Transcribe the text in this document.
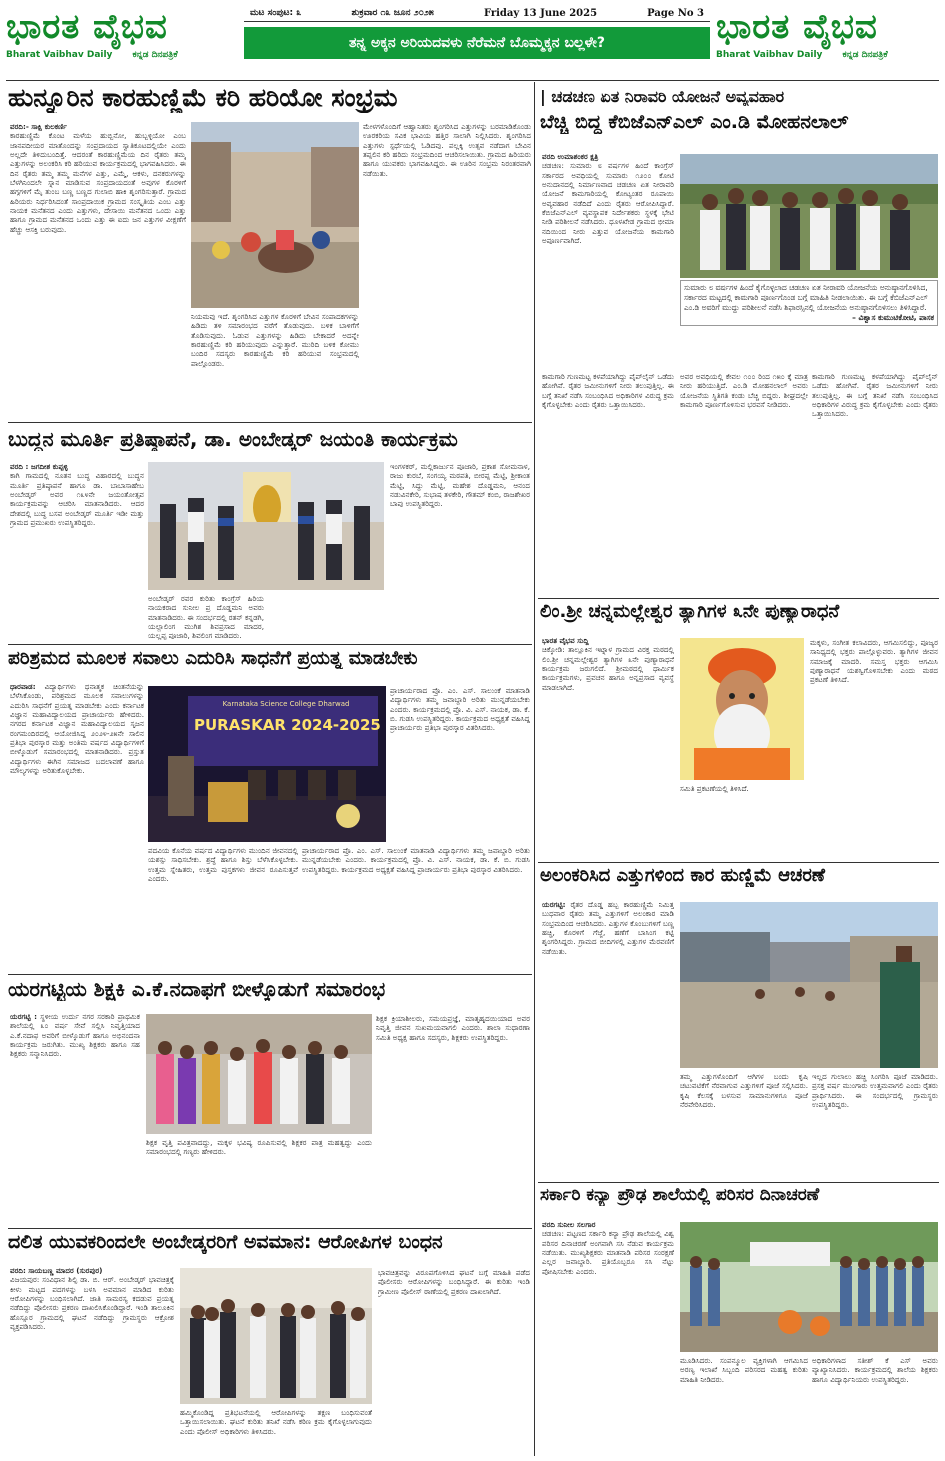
ಭಾರತ ವೈಭವ
Bharat Vaibhav Daily ಕನ್ನಡ ದಿನಪತ್ರಿಕೆ
ಮಟ ಸಂಪುಟ: ೩	ಶುಕ್ರವಾರ ೧೩ ಜೂನ ೨೦೨೫	Friday 13 June 2025	Page No 3
ತನ್ನ ಅಕ್ಕನ ಅರಿಯದವಳು ನೆರೆಮನೆ ಬೊಮ್ಮಕ್ಕನ ಬಲ್ಲಳೇ?	ಭಾರತ ವೈಭವ
Bharat Vaibhav Daily ಕನ್ನಡ ದಿನಪತ್ರಿಕೆ
ಹುನ್ನೂರಿನ ಕಾರಹುಣ್ಣಿಮೆ ಕರಿ ಹರಿಯೋ ಸಂಭ್ರಮ
ವರದಿ:- ಸಾಕ್ಷಿ ಕುಲಕರ್ಣಿ
ಕಾರಹುಣ್ಣಿಮೆ ಕೊಂಟ ಮಳೆಯ ಹುಬ್ಬಿನೋ, ಹುಬ್ಬಳ್ಳಿಯೋ ಎಂಬ ಜಾನಪದೀಯರ ಮಾತೊಂದನ್ನು ಸಂಪ್ರದಾಯದ ಸ್ವಾತಿಕೂಟದಲ್ಲಿಯೇ ಎಂದು ಅಲ್ಲದೇ ತಿಳಿದುಬಂದಿತ್ತೆ. ಆದರಂತೆ ಕಾರಹುಣ್ಣಿಮೆಯ ದಿನ ರೈತರು ತಮ್ಮ ಎತ್ತುಗಳನ್ನು ಅಲಂಕರಿಸಿ ಕರಿ ಹರಿಯುವ ಕಾರ್ಯಕ್ರಮದಲ್ಲಿ ಭಾಗವಹಿಸಿದರು. ಈ ದಿನ ರೈತರು ತಮ್ಮ ತಮ್ಮ ಮನೆಗಳ ಎತ್ತು, ಎಮ್ಮೆ, ಆಕಳು, ದನಕರುಗಳನ್ನು ಬೆಳಗಿನಿಂದಲೇ ಸ್ನಾನ ಮಾಡಿಸುವ ಸಂಪ್ರದಾಯದಂತೆ ಅವುಗಳ ಕೊರಳಿಗೆ ಹಗ್ಗಗಳಿಗೆ ಮೈ ತುಂಬ ಬಣ್ಣ ಬಣ್ಣದ ಗುಲಾಬಿ ಹಾಕಿ ಶೃಂಗರಿಸುತ್ತಾರೆ. ಗ್ರಾಮದ ಹಿರಿಯರು ನಿರ್ಧರಿಸಿದಂತೆ ಸಾಂಪ್ರದಾಯಿಕ ಗ್ರಾಮದ ಸಂಸ್ಕೃತಿಯ ಎಂಬ ಎತ್ತು ನಾಯಕ ಮನೆತನದ ಎಂದು ಎತ್ತುಗಳು, ದೇಸಾಯಿ ಮನೆತನದ ಒಂದು ಎತ್ತು ಹಾಗೂ ಗ್ರಾಮದ ಮನೆತನದ ಒಂದು ಎತ್ತು ಈ ಐದು ಜನ ಎತ್ತುಗಳ ವೀಕ್ಷಣೆಗೆ ಹೆಚ್ಚು ಆಸಕ್ತಿ ಬರುವುದು.
ನಿಯಮವು ಇದೆ. ಶೃಂಗರಿಸಿದ ಎತ್ತುಗಳ ಕೊರಳಿಗೆ ಬೇವಿನ ಸಂಪಾದಕಗಳನ್ನು ಹಿಡಿದು ತಳಿ ಸಮಾರಂಭದ ವರೆಗೆ ತೊಡುವುದು. ಬಳಿಕ ಬಾಳಿಗೆಗೆ ತೊಡಿಸುವುದು. ಓಡುವ ಎತ್ತುಗಳನ್ನು ಹಿಡಿದು ಬೇಕಾದರೆ ಅದನ್ನೇ ಕಾರಹುಣ್ಣಿಮೆ ಕರಿ ಹರಿಯುವುದು ಎನ್ನುತ್ತಾರೆ. ಮುರಿದಿ ಬಳಿಕ ಕೋಮು ಬಂದಿರ ಸದಸ್ಯರು ಕಾರಹುಣ್ಣಿಮೆ ಕರಿ ಹರಿಯುವ ಸಂಭ್ರಮದಲ್ಲಿ ಪಾಲ್ಗೊಂಡರು.
ಮೇಳಗಳೊಂದಿಗೆ ಆಹ್ವಾನಿತರು ಶೃಂಗರಿಸಿದ ಎತ್ತುಗಳನ್ನು ಬರಮಾಡಿಕೊಂಡು ಊರಕರಿಯ ಸವಿಕ ಭಾವಿಯ ಹತ್ತಿರ ಸಾಲಾಗಿ ನಿಲ್ಲಿಸಿದರು. ಶೃಂಗರಿಸಿದ ಎತ್ತುಗಳು ಸ್ಪರ್ಧೆಯಲ್ಲಿ ಓಡಿದವು. ಪಲ್ಲಕ್ಕಿ ಉತ್ಸವ ನಡೆದಾಗ ಬೇವಿನ ತಪ್ಪಲಿನ ಕರಿ ಹರಿದು ಸಂಭ್ರಮದಿಂದ ಆಚರಿಸಲಾಯಿತು. ಗ್ರಾಮದ ಹಿರಿಯರು ಹಾಗೂ ಯುವಕರು ಭಾಗವಹಿಸಿದ್ದರು. ಈ ಊರಿನ ಸಂಭ್ರಮ ನಿರಂತರವಾಗಿ ನಡೆಯಿತು.
ಬುದ್ಧನ ಮೂರ್ತಿ ಪ್ರತಿಷ್ಠಾಪನೆ, ಡಾ. ಅಂಬೇಡ್ಕರ್ ಜಯಂತಿ ಕಾರ್ಯಕ್ರಮ
ವರದಿ : ಜಗದೀಶ ಕುಪ್ಪಳ್ಳಿ
ಕಾಗಿ ಗಾಮದಲ್ಲಿ ನೂತನ ಬುದ್ಧ ವಿಹಾರದಲ್ಲಿ ಬುದ್ಧನ ಮೂರ್ತಿ ಪ್ರತಿಷ್ಠಾಪನೆ ಹಾಗೂ ಡಾ. ಬಾಬಾಸಾಹೇಬ ಅಂಬೇಡ್ಕರ್ ಅವರ ೧೩೪ನೇ ಜಯಂತೋತ್ಸವ ಕಾರ್ಯಕ್ರಮವನ್ನು ಆಚರಿಸಿ ಮಾತನಾಡಿದರು. ಆದರ ದೇಶದಲ್ಲಿ ಬುದ್ಧ ಬಸವ ಅಂಬೇಡ್ಕರ್ ಮೂರ್ತಿ ಇಡೀ ಮತ್ತು ಗ್ರಾಮದ ಪ್ರಮುಖರು ಉಪಸ್ಥಿತರಿದ್ದರು.
ಅಂಬೇಡ್ಕರ್ ರವರ ಕುರಿತು ಕಾಂಗ್ರೆಸ್ ಹಿರಿಯ ನಾಯಕರಾದ ಸುನೀಲ ಪ್ರ ದೊಡ್ಡಮನಿ ಅವರು ಮಾತನಾಡಿದರು. ಈ ಸಂದರ್ಭದಲ್ಲಿ ರತನ್ ಕನ್ನಡಗಿ, ಯಲ್ಲಾಲಿಂಗ ಮುಗಿಶ ಶಿವಪ್ರಸಾದ ಮಾದರ, ಯಲ್ಲಪ್ಪ ಪೂಜಾರಿ, ಶಿವಲಿಂಗ ಮಾಡಿದರು.
ಇಂಗಳಕರ್, ಮಲ್ಲಿಕಾರ್ಜುನ ಪೂಜಾರಿ, ಪ್ರಕಾಶ ಸೋಮನಾಳ, ರಾಜು ಕುರಬೆ, ಸಂಗಯ್ಯ ಮಠಪತಿ, ಬೀರಪ್ಪ ಮೆಟ್ಟಿ, ಶ್ರೀಕಾಂತ ಮೆಟ್ಟಿ, ಸಿದ್ದು ಮೆಟ್ಟಿ, ಮಹೇಶ ದೊಡ್ಡಮನಿ, ಆನಂದ ನಡುವಿನಕೇರಿ, ಸುಭಾಷ ತಳಕೇರಿ, ಗೌತಮ್ ಕಂಬಿ, ರಾಜಶೇಖರ ಬಾಪು ಉಪಸ್ಥಿತರಿದ್ದರು.
ಪರಿಶ್ರಮದ ಮೂಲಕ ಸವಾಲು ಎದುರಿಸಿ ಸಾಧನೆಗೆ ಪ್ರಯತ್ನ ಮಾಡಬೇಕು
ಧಾರವಾಡ: ವಿದ್ಯಾರ್ಥಿಗಳು ಧನಾತ್ಮಕ ಚಿಂತನೆಯನ್ನು ಬೆಳೆಸಿಕೊಂಡು, ಪರಿಶ್ರಮದ ಮೂಲಕ ಸವಾಲುಗಳನ್ನು ಎದುರಿಸಿ ಸಾಧನೆಗೆ ಪ್ರಯತ್ನ ಮಾಡಬೇಕು ಎಂದು ಕರ್ನಾಟಕ ವಿಜ್ಞಾನ ಮಹಾವಿದ್ಯಾಲಯದ ಪ್ರಾಚಾರ್ಯರು ಹೇಳಿದರು. ನಗರದ ಕರ್ನಾಟಕ ವಿಜ್ಞಾನ ಮಹಾವಿದ್ಯಾಲಯದ ಸೃಜನ ರಂಗಮಂದಿರದಲ್ಲಿ ಆಯೋಜಿಸಿದ್ದ ೨೦೨೪-೨೫ನೇ ಸಾಲಿನ ಪ್ರತಿಭಾ ಪುರಸ್ಕಾರ ಮತ್ತು ಅಂತಿಮ ವರ್ಷದ ವಿದ್ಯಾರ್ಥಿಗಳಿಗೆ ಬೀಳ್ಕೊಡುಗೆ ಸಮಾರಂಭದಲ್ಲಿ ಮಾತನಾಡಿದರು. ಪ್ರಸ್ತುತ ವಿದ್ಯಾರ್ಥಿಗಳು ಈಗಿನ ಸಮಾಜದ ಬದಲಾವಣೆ ಹಾಗೂ ಮೌಲ್ಯಗಳನ್ನು ಅರಿತುಕೊಳ್ಳಬೇಕು.
Karnataka Science College Dharwad
PURASKAR 2024-2025
ಪದವಿಯ ಕೊನೆಯ ವರ್ಷದ ವಿದ್ಯಾರ್ಥಿಗಳು ಮುಂದಿನ ಜೀವನದಲ್ಲಿ ಯಶಸ್ಸು ಸಾಧಿಸಬೇಕು. ಶ್ರದ್ಧೆ ಹಾಗೂ ಶಿಸ್ತು ಬೆಳೆಸಿಕೊಳ್ಳಬೇಕು. ಉತ್ತಮ ಸ್ನೇಹಿತರು, ಉತ್ತಮ ಪುಸ್ತಕಗಳು ಜೀವನ ರೂಪಿಸುತ್ತವೆ ಎಂದರು.
ಪ್ರಾಚಾರ್ಯರಾದ ಪ್ರೊ. ಎಂ. ಎಸ್. ಸಾಲುಂಕೆ ಮಾತನಾಡಿ ವಿದ್ಯಾರ್ಥಿಗಳು ತಮ್ಮ ಜವಾಬ್ದಾರಿ ಅರಿತು ಮುನ್ನಡೆಯಬೇಕು ಎಂದರು. ಕಾರ್ಯಕ್ರಮದಲ್ಲಿ ಪ್ರೊ. ವಿ. ಎಸ್. ನಾಯಕ, ಡಾ. ಕೆ. ಬಿ. ಗುಡಸಿ ಉಪಸ್ಥಿತರಿದ್ದರು. ಕಾರ್ಯಕ್ರಮದ ಅಧ್ಯಕ್ಷತೆ ವಹಿಸಿದ್ದ ಪ್ರಾಚಾರ್ಯರು ಪ್ರತಿಭಾ ಪುರಸ್ಕಾರ ವಿತರಿಸಿದರು.
ಪ್ರಾಚಾರ್ಯರಾದ ಪ್ರೊ. ಎಂ. ಎಸ್. ಸಾಲುಂಕೆ ಮಾತನಾಡಿ ವಿದ್ಯಾರ್ಥಿಗಳು ತಮ್ಮ ಜವಾಬ್ದಾರಿ ಅರಿತು ಮುನ್ನಡೆಯಬೇಕು ಎಂದರು. ಕಾರ್ಯಕ್ರಮದಲ್ಲಿ ಪ್ರೊ. ವಿ. ಎಸ್. ನಾಯಕ, ಡಾ. ಕೆ. ಬಿ. ಗುಡಸಿ ಉಪಸ್ಥಿತರಿದ್ದರು. ಕಾರ್ಯಕ್ರಮದ ಅಧ್ಯಕ್ಷತೆ ವಹಿಸಿದ್ದ ಪ್ರಾಚಾರ್ಯರು ಪ್ರತಿಭಾ ಪುರಸ್ಕಾರ ವಿತರಿಸಿದರು.
ಯರಗಟ್ಟಿಯ ಶಿಕ್ಷಕಿ ಎ.ಕೆ.ನದಾಫಗೆ ಬೀಳ್ಕೊಡುಗೆ ಸಮಾರಂಭ
ಯರಗಟ್ಟಿ : ಸ್ಥಳೀಯ ಉರ್ದು ನಗರ ಸರಕಾರಿ ಪ್ರಾಥಮಿಕ ಶಾಲೆಯಲ್ಲಿ ೩೦ ವರ್ಷ ಸೇವೆ ಸಲ್ಲಿಸಿ ನಿವೃತ್ತಿಯಾದ ಎ.ಕೆ.ನದಾಫ ಅವರಿಗೆ ಬೀಳ್ಕೊಡುಗೆ ಹಾಗೂ ಅಭಿನಂದನಾ ಕಾರ್ಯಕ್ರಮ ಜರುಗಿತು. ಮುಖ್ಯ ಶಿಕ್ಷಕರು ಹಾಗೂ ಸಹ ಶಿಕ್ಷಕರು ಸನ್ಮಾನಿಸಿದರು.
ಶಿಕ್ಷಕ ವೃತ್ತಿ ಪವಿತ್ರವಾದದ್ದು, ಮಕ್ಕಳ ಭವಿಷ್ಯ ರೂಪಿಸುವಲ್ಲಿ ಶಿಕ್ಷಕರ ಪಾತ್ರ ಮಹತ್ವದ್ದು ಎಂದು ಸಮಾರಂಭದಲ್ಲಿ ಗಣ್ಯರು ಹೇಳಿದರು.
ಶಿಕ್ಷಕ ಕ್ರಿಯಾಶೀಲರು, ಸಮಯಪ್ರಜ್ಞೆ, ಮಾತೃಹೃದಯಿಯಾದ ಅವರ ನಿವೃತ್ತಿ ಜೀವನ ಸುಖಮಯವಾಗಲಿ ಎಂದರು. ಶಾಲಾ ಸುಧಾರಣಾ ಸಮಿತಿ ಅಧ್ಯಕ್ಷ ಹಾಗೂ ಸದಸ್ಯರು, ಶಿಕ್ಷಕರು ಉಪಸ್ಥಿತರಿದ್ದರು.
ದಲಿತ ಯುವಕರಿಂದಲೇ ಅಂಬೇಡ್ಕರರಿಗೆ ಅವಮಾನ: ಆರೋಪಿಗಳ ಬಂಧನ
ವರದಿ: ಸಾಯಬಣ್ಣ ಮಾದರ (ಸುರಪುರ)
ವಿಜಯಪುರ: ಸಂವಿಧಾನ ಶಿಲ್ಪಿ ಡಾ. ಬಿ. ಆರ್. ಅಂಬೇಡ್ಕರ್ ಭಾವಚಿತ್ರಕ್ಕೆ ಕೀಳು ಮಟ್ಟದ ಪದಗಳನ್ನು ಬಳಸಿ ಅವಮಾನ ಮಾಡಿದ ಕುರಿತು ಆರೋಪಿಗಳನ್ನು ಬಂಧಿಸಲಾಗಿದೆ. ಜಾತಿ ಸಾಮರಸ್ಯ ಕದಡುವ ಪ್ರಯತ್ನ ನಡೆದಿದ್ದು ಪೊಲೀಸರು ಪ್ರಕರಣ ದಾಖಲಿಸಿಕೊಂಡಿದ್ದಾರೆ. ಇಂಡಿ ತಾಲೂಕಿನ ಹೊಸ್ಸೂರ ಗ್ರಾಮದಲ್ಲಿ ಘಟನೆ ನಡೆದಿದ್ದು ಗ್ರಾಮಸ್ಥರು ಆಕ್ರೋಶ ವ್ಯಕ್ತಪಡಿಸಿದರು.
ಹಮ್ಮಿಕೊಂಡಿದ್ದ ಪ್ರತಿಭಟನೆಯಲ್ಲಿ ಆರೋಪಿಗಳನ್ನು ತಕ್ಷಣ ಬಂಧಿಸುವಂತೆ ಒತ್ತಾಯಿಸಲಾಯಿತು. ಘಟನೆ ಕುರಿತು ತನಿಖೆ ನಡೆಸಿ ಕಠಿಣ ಕ್ರಮ ಕೈಗೊಳ್ಳಲಾಗುವುದು ಎಂದು ಪೊಲೀಸ್ ಅಧಿಕಾರಿಗಳು ತಿಳಿಸಿದರು.
ಭಾವಚಿತ್ರವನ್ನು ವಿರೂಪಗೊಳಿಸಿದ ಘಟನೆ ಬಗ್ಗೆ ಮಾಹಿತಿ ಪಡೆದ ಪೊಲೀಸರು ಆರೋಪಿಗಳನ್ನು ಬಂಧಿಸಿದ್ದಾರೆ. ಈ ಕುರಿತು ಇಂಡಿ ಗ್ರಾಮೀಣ ಪೊಲೀಸ್ ಠಾಣೆಯಲ್ಲಿ ಪ್ರಕರಣ ದಾಖಲಾಗಿದೆ.
| ಚಡಚಣ ಏತ ನಿರಾವರಿ ಯೋಜನೆ ಅವ್ಯವಹಾರ
ಬೆಚ್ಚಿ ಬಿದ್ದ ಕೆಬಿಜೆಎನ್‌ಎಲ್ ಎಂ.ಡಿ ಮೋಹನಲಾಲ್
ವರದಿ ಉಮಾಶಂಕರ ಕ್ಷತ್ರಿ
ಚಡಚಣ: ಸುಮಾರು ೮ ವರ್ಷಗಳ ಹಿಂದೆ ಕಾಂಗ್ರೆಸ್ ಸರ್ಕಾರದ ಅವಧಿಯಲ್ಲಿ ಸುಮಾರು ೧೨೦೦ ಕೋಟಿ ಅನುದಾನದಲ್ಲಿ ನಿರ್ಮಾಣವಾದ ಚಡಚಣ ಏತ ನೀರಾವರಿ ಯೋಜನೆ ಕಾಮಗಾರಿಯಲ್ಲಿ ಕೋಟ್ಯಂತರ ರೂಪಾಯಿ ಅವ್ಯವಹಾರ ನಡೆದಿದೆ ಎಂದು ರೈತರು ಆರೋಪಿಸಿದ್ದಾರೆ. ಕೆಬಿಜೆಎನ್‌ಎಲ್ ವ್ಯವಸ್ಥಾಪಕ ನಿರ್ದೇಶಕರು ಸ್ಥಳಕ್ಕೆ ಭೇಟಿ ನೀಡಿ ಪರಿಶೀಲನೆ ನಡೆಸಿದರು. ಧೂಳಖೇಡ ಗ್ರಾಮದ ಭೀಮಾ ನದಿಯಿಂದ ನೀರು ಎತ್ತುವ ಯೋಜನೆಯ ಕಾಮಗಾರಿ ಅಪೂರ್ಣವಾಗಿದೆ.
ಸುಮಾರು ೮ ವರ್ಷಗಳ ಹಿಂದೆ ಕೈಗೊಳ್ಳಲಾದ ಚಡಚಣ ಏತ ನೀರಾವರಿ ಯೋಜನೆಯ ಅನುಷ್ಠಾನಗೊಳಿಸಿದ, ಸರ್ಕಾರದ ಮಟ್ಟದಲ್ಲಿ ಕಾಮಗಾರಿ ಪೂರ್ಣಗೊಂಡ ಬಗ್ಗೆ ಮಾಹಿತಿ ನೀಡಲಾಯಿತು. ಈ ಬಗ್ಗೆ ಕೆಬಿಜೆಎನ್‌ಎಲ್ ಎಂ.ಡಿ ಅವರಿಗೆ ಮುದ್ದು ಪರಿಶೀಲನೆ ನಡೆಸಿ ಶಿಫಾರಸ್ಸಿನಲ್ಲಿ ಯೋಜನೆಯ ಅನುಷ್ಠಾನಗೊಳಿಸಲು ತಿಳಿಸಿದ್ದಾರೆ.
– ವಿಶ್ವಾಸ ಕುಮುಟಿಕೋಟಿ, ಪಾಸಕ
ಕಾಮಗಾರಿ ಗುಣಮಟ್ಟ ಕಳಪೆಯಾಗಿದ್ದು ಪೈಪ್‌ಲೈನ್ ಒಡೆದು ಹೋಗಿವೆ. ರೈತರ ಜಮೀನುಗಳಿಗೆ ನೀರು ತಲುಪುತ್ತಿಲ್ಲ. ಈ ಬಗ್ಗೆ ತನಿಖೆ ನಡೆಸಿ ಸಂಬಂಧಿಸಿದ ಅಧಿಕಾರಿಗಳ ವಿರುದ್ಧ ಕ್ರಮ ಕೈಗೊಳ್ಳಬೇಕು ಎಂದು ರೈತರು ಒತ್ತಾಯಿಸಿದರು.
ಅವರ ಅವಧಿಯಲ್ಲಿ ಕೇವಲ ೧೦೦ ರಿಂದ ೧೫೦ ಕ್ಕೆ ಮಾತ್ರ ನೀರು ಹರಿಯುತ್ತಿದೆ. ಎಂ.ಡಿ ಮೋಹನಲಾಲ್ ಅವರು ಯೋಜನೆಯ ಸ್ಥಿತಿಗತಿ ಕಂಡು ಬೆಚ್ಚಿ ಬಿದ್ದರು. ಶೀಘ್ರದಲ್ಲೇ ಕಾಮಗಾರಿ ಪೂರ್ಣಗೊಳಿಸುವ ಭರವಸೆ ನೀಡಿದರು.
ಕಾಮಗಾರಿ ಗುಣಮಟ್ಟ ಕಳಪೆಯಾಗಿದ್ದು ಪೈಪ್‌ಲೈನ್ ಒಡೆದು ಹೋಗಿವೆ. ರೈತರ ಜಮೀನುಗಳಿಗೆ ನೀರು ತಲುಪುತ್ತಿಲ್ಲ. ಈ ಬಗ್ಗೆ ತನಿಖೆ ನಡೆಸಿ ಸಂಬಂಧಿಸಿದ ಅಧಿಕಾರಿಗಳ ವಿರುದ್ಧ ಕ್ರಮ ಕೈಗೊಳ್ಳಬೇಕು ಎಂದು ರೈತರು ಒತ್ತಾಯಿಸಿದರು.
ಲಿಂ.ಶ್ರೀ ಚನ್ನಮಲ್ಲೇಶ್ವರ ತ್ಯಾಗಿಗಳ ೩ನೇ ಪುಣ್ಯಾರಾಧನೆ
ಭಾರತ ವೈಭವ ಸುದ್ದಿ
ಚಿಕ್ಕೋಡಿ: ತಾಲ್ಲೂಕಿನ ಇಟ್ನಾಳ ಗ್ರಾಮದ ವಿರಕ್ತ ಮಠದಲ್ಲಿ ಲಿಂ.ಶ್ರೀ ಚನ್ನಮಲ್ಲೇಶ್ವರ ತ್ಯಾಗಿಗಳ ೩ನೇ ಪುಣ್ಯಾರಾಧನೆ ಕಾರ್ಯಕ್ರಮ ಜರುಗಲಿದೆ. ಶ್ರೀಮಠದಲ್ಲಿ ಧಾರ್ಮಿಕ ಕಾರ್ಯಕ್ರಮಗಳು, ಪ್ರವಚನ ಹಾಗೂ ಅನ್ನಪ್ರಸಾದ ವ್ಯವಸ್ಥೆ ಮಾಡಲಾಗಿದೆ.
ಸಮಿತಿ ಪ್ರಕಟಣೆಯಲ್ಲಿ ತಿಳಿಸಿದೆ.
ಮಕ್ಕಳು, ಸಂಗೀತ ಕಲಾವಿದರು, ಆಗಮಿಸಲಿದ್ದು, ಪೂಜ್ಯರ ಸಾನಿಧ್ಯದಲ್ಲಿ ಭಕ್ತರು ಪಾಲ್ಗೊಳ್ಳುವರು. ತ್ಯಾಗಿಗಳ ಜೀವನ ಸಮಾಜಕ್ಕೆ ಮಾದರಿ. ಸಮಸ್ತ ಭಕ್ತರು ಆಗಮಿಸಿ ಪುಣ್ಯಾರಾಧನೆ ಯಶಸ್ವಿಗೊಳಿಸಬೇಕು ಎಂದು ಮಠದ ಪ್ರಕಟಣೆ ತಿಳಿಸಿದೆ.
ಅಲಂಕರಿಸಿದ ಎತ್ತುಗಳಿಂದ ಕಾರ ಹುಣ್ಣಿಮೆ ಆಚರಣೆ
ಯರಗಟ್ಟಿ: ರೈತರ ದೊಡ್ಡ ಹಬ್ಬ ಕಾರಹುಣ್ಣಿಮೆ ನಿಮಿತ್ತ ಬುಧವಾರ ರೈತರು ತಮ್ಮ ಎತ್ತುಗಳಿಗೆ ಅಲಂಕಾರ ಮಾಡಿ ಸಂಭ್ರಮದಿಂದ ಆಚರಿಸಿದರು. ಎತ್ತುಗಳ ಕೊಂಬುಗಳಿಗೆ ಬಣ್ಣ ಹಚ್ಚಿ, ಕೊರಳಿಗೆ ಗೆಜ್ಜೆ, ಹಣೆಗೆ ಬಾಸಿಂಗ ಕಟ್ಟಿ ಶೃಂಗರಿಸಿದ್ದರು. ಗ್ರಾಮದ ಬೀದಿಗಳಲ್ಲಿ ಎತ್ತುಗಳ ಮೆರವಣಿಗೆ ನಡೆಯಿತು.
ತಮ್ಮ ಎತ್ತುಗಳೊಂದಿಗೆ ಆಗಿಗಳ ಬಂದು ಕೃಷಿ ಚಟುವಟಿಕೆಗೆ ನೆರವಾಗುವ ಎತ್ತುಗಳಿಗೆ ಪೂಜೆ ಸಲ್ಲಿಸಿದರು. ಕೃಷಿ ಕೆಲಸಕ್ಕೆ ಬಳಸುವ ಸಾಮಾನುಗಳಿಗೂ ಪೂಜೆ ನೆರವೇರಿಸಿದರು.
ಇಲ್ಲದ ಗುಲಾಲು ಹಚ್ಚಿ ಸಿಂಗರಿಸಿ ಪೂಜೆ ಮಾಡಿದರು. ಪ್ರಸಕ್ತ ವರ್ಷ ಮುಂಗಾರು ಉತ್ತಮವಾಗಲಿ ಎಂದು ರೈತರು ಪ್ರಾರ್ಥಿಸಿದರು. ಈ ಸಂದರ್ಭದಲ್ಲಿ ಗ್ರಾಮಸ್ಥರು ಉಪಸ್ಥಿತರಿದ್ದರು.
ಸರ್ಕಾರಿ ಕನ್ಯಾ ಪ್ರೌಢ ಶಾಲೆಯಲ್ಲಿ ಪರಿಸರ ದಿನಾಚರಣೆ
ವರದಿ ಸುನೀಲ ಸಲಗಾರ
ಚಡಚಣ: ಪಟ್ಟಣದ ಸರ್ಕಾರಿ ಕನ್ಯಾ ಪ್ರೌಢ ಶಾಲೆಯಲ್ಲಿ ವಿಶ್ವ ಪರಿಸರ ದಿನಾಚರಣೆ ಅಂಗವಾಗಿ ಸಸಿ ನೆಡುವ ಕಾರ್ಯಕ್ರಮ ನಡೆಯಿತು. ಮುಖ್ಯಶಿಕ್ಷಕರು ಮಾತನಾಡಿ ಪರಿಸರ ಸಂರಕ್ಷಣೆ ಎಲ್ಲರ ಜವಾಬ್ದಾರಿ. ಪ್ರತಿಯೊಬ್ಬರೂ ಸಸಿ ನೆಟ್ಟು ಪೋಷಿಸಬೇಕು ಎಂದರು.
ಮೂಡಿಸಿದರು. ಸಂಪನ್ಮೂಲ ವ್ಯಕ್ತಿಗಳಾಗಿ ಆಗಮಿಸಿದ ಅರಣ್ಯ ಇಲಾಖೆ ಸಿಬ್ಬಂದಿ ಪರಿಸರದ ಮಹತ್ವ ಕುರಿತು ಮಾಹಿತಿ ನೀಡಿದರು.
ಅಧಿಕಾರಿಗಳಾದ ಸತೀಶ್ ಕೆ ಎಸ್ ಅವರು ವ್ಯಾಖ್ಯಾನಿಸಿದರು. ಕಾರ್ಯಕ್ರಮದಲ್ಲಿ ಶಾಲೆಯ ಶಿಕ್ಷಕರು ಹಾಗೂ ವಿದ್ಯಾರ್ಥಿನಿಯರು ಉಪಸ್ಥಿತರಿದ್ದರು.
